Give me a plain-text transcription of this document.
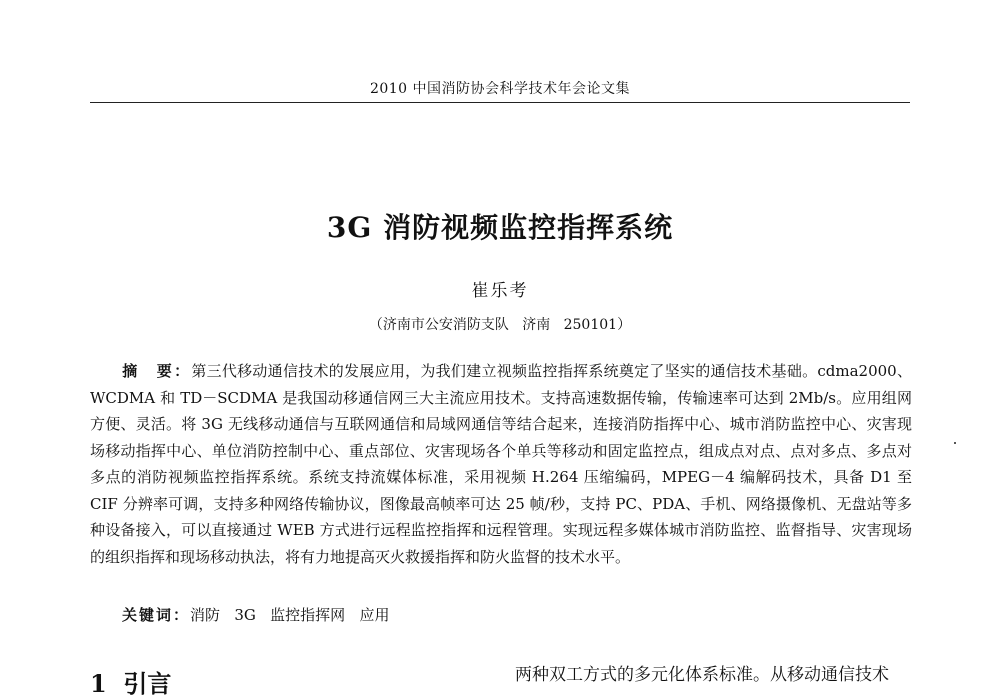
2010 中国消防协会科学技术年会论文集
3G 消防视频监控指挥系统
崔乐考
（济南市公安消防支队   济南   250101）

摘　要：第三代移动通信技术的发展应用，为我们建立视频监控指挥系统奠定了坚实的通信技术基础。cdma2000、WCDMA 和 TD－SCDMA 是我国动移通信网三大主流应用技术。支持高速数据传输，传输速率可达到 2Mb/s。应用组网方便、灵活。将 3G 无线移动通信与互联网通信和局域网通信等结合起来，连接消防指挥中心、城市消防监控中心、灾害现场移动指挥中心、单位消防控制中心、重点部位、灾害现场各个单兵等移动和固定监控点，组成点对点、点对多点、多点对多点的消防视频监控指挥系统。系统支持流媒体标准，采用视频 H.264 压缩编码，MPEG－4 编解码技术，具备 D1 至 CIF 分辨率可调，支持多种网络传输协议，图像最高帧率可达 25 帧/秒，支持 PC、PDA、手机、网络摄像机、无盘站等多种设备接入，可以直接通过 WEB 方式进行远程监控指挥和远程管理。实现远程多媒体城市消防监控、监督指导、灾害现场的组织指挥和现场移动执法，将有力地提高灭火救援指挥和防火监督的技术水平。

关键词：消防   3G   监控指挥网   应用
1  引言	两种双工方式的多元化体系标准。从移动通信技术
